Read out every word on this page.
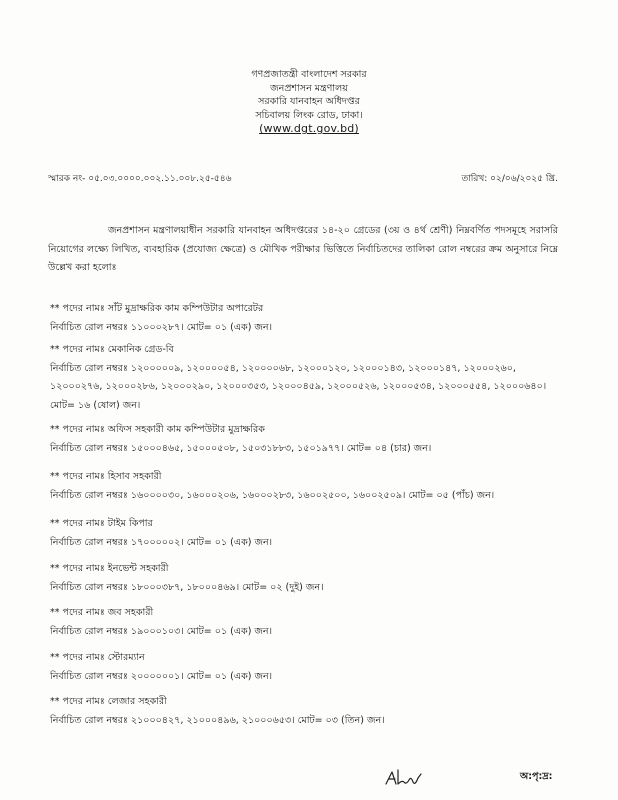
গণপ্রজাতন্ত্রী বাংলাদেশ সরকার
জনপ্রশাসন মন্ত্রণালয়
সরকারি যানবাহন অধিদপ্তর
সচিবালয় লিংক রোড, ঢাকা।
(www.dgt.gov.bd)
স্মারক নং- ০৫.০৩.০০০০.০০২.১১.০০৮.২৫-৫৪৬	তারিখ: ০২/০৬/২০২৫ খ্রি.
জনপ্রশাসন মন্ত্রণালয়াধীন সরকারি যানবাহন অধিদপ্তরের ১৪-২০ গ্রেডের (৩য় ও ৪র্থ শ্রেণী) নিম্নবর্ণিত পদসমূহে সরাসরি নিয়োগের লক্ষ্যে লিখিত, ব্যবহারিক (প্রযোজ্য ক্ষেত্রে) ও মৌখিক পরীক্ষার ভিত্তিতে নির্বাচিতদের তালিকা রোল নম্বরের ক্রম অনুসারে নিম্নে উল্লেখ করা হলোঃ
** পদের নামঃ সাঁট মুদ্রাক্ষরিক কাম কম্পিউটার অপারেটর
নির্বাচিত রোল নম্বরঃ ১১০০০২৮৭। মোট= ০১ (এক) জন।
** পদের নামঃ মেকানিক গ্রেড-বি
নির্বাচিত রোল নম্বরঃ ১২০০০০০৯, ১২০০০০৫৪, ১২০০০০৬৮, ১২০০০১২০, ১২০০০১৪৩, ১২০০০১৪৭, ১২০০০২৬০, ১২০০০২৭৬, ১২০০০২৮৬, ১২০০০২৯০, ১২০০০৩৫৩, ১২০০০৪৫৯, ১২০০০৫২৬, ১২০০০৫৩৪, ১২০০০৫৫৪, ১২০০০৬৪০। মোট= ১৬ (ষোল) জন।
** পদের নামঃ অফিস সহকারী কাম কম্পিউটার মুদ্রাক্ষরিক
নির্বাচিত রোল নম্বরঃ ১৫০০০৪৬৫, ১৫০০০৫০৮, ১৫০৩১৮৮৩, ১৫০১৯৭৭। মোট= ০৪ (চার) জন।
** পদের নামঃ হিসাব সহকারী
নির্বাচিত রোল নম্বরঃ ১৬০০০০৩০, ১৬০০০২০৬, ১৬০০০২৮৩, ১৬০০২৫০০, ১৬০০২৫০৯। মোট= ০৫ (পাঁচ) জন।
** পদের নামঃ টাইম কিপার
নির্বাচিত রোল নম্বরঃ ১৭০০০০০২। মোট= ০১ (এক) জন।
** পদের নামঃ ইনভেন্ট সহকারী
নির্বাচিত রোল নম্বরঃ ১৮০০০৩৮৭, ১৮০০০৪৬৯। মোট= ০২ (দুই) জন।
** পদের নামঃ জব সহকারী
নির্বাচিত রোল নম্বরঃ ১৯০০০১০৩। মোট= ০১ (এক) জন।
** পদের নামঃ স্টোরম্যান
নির্বাচিত রোল নম্বরঃ ২০০০০০০১। মোট= ০১ (এক) জন।
** পদের নামঃ লেজার সহকারী
নির্বাচিত রোল নম্বরঃ ২১০০০৪২৭, ২১০০০৪৯৬, ২১০০০৬৫৩। মোট= ০৩ (তিন) জন।
অ:পৃ:দ্র:
